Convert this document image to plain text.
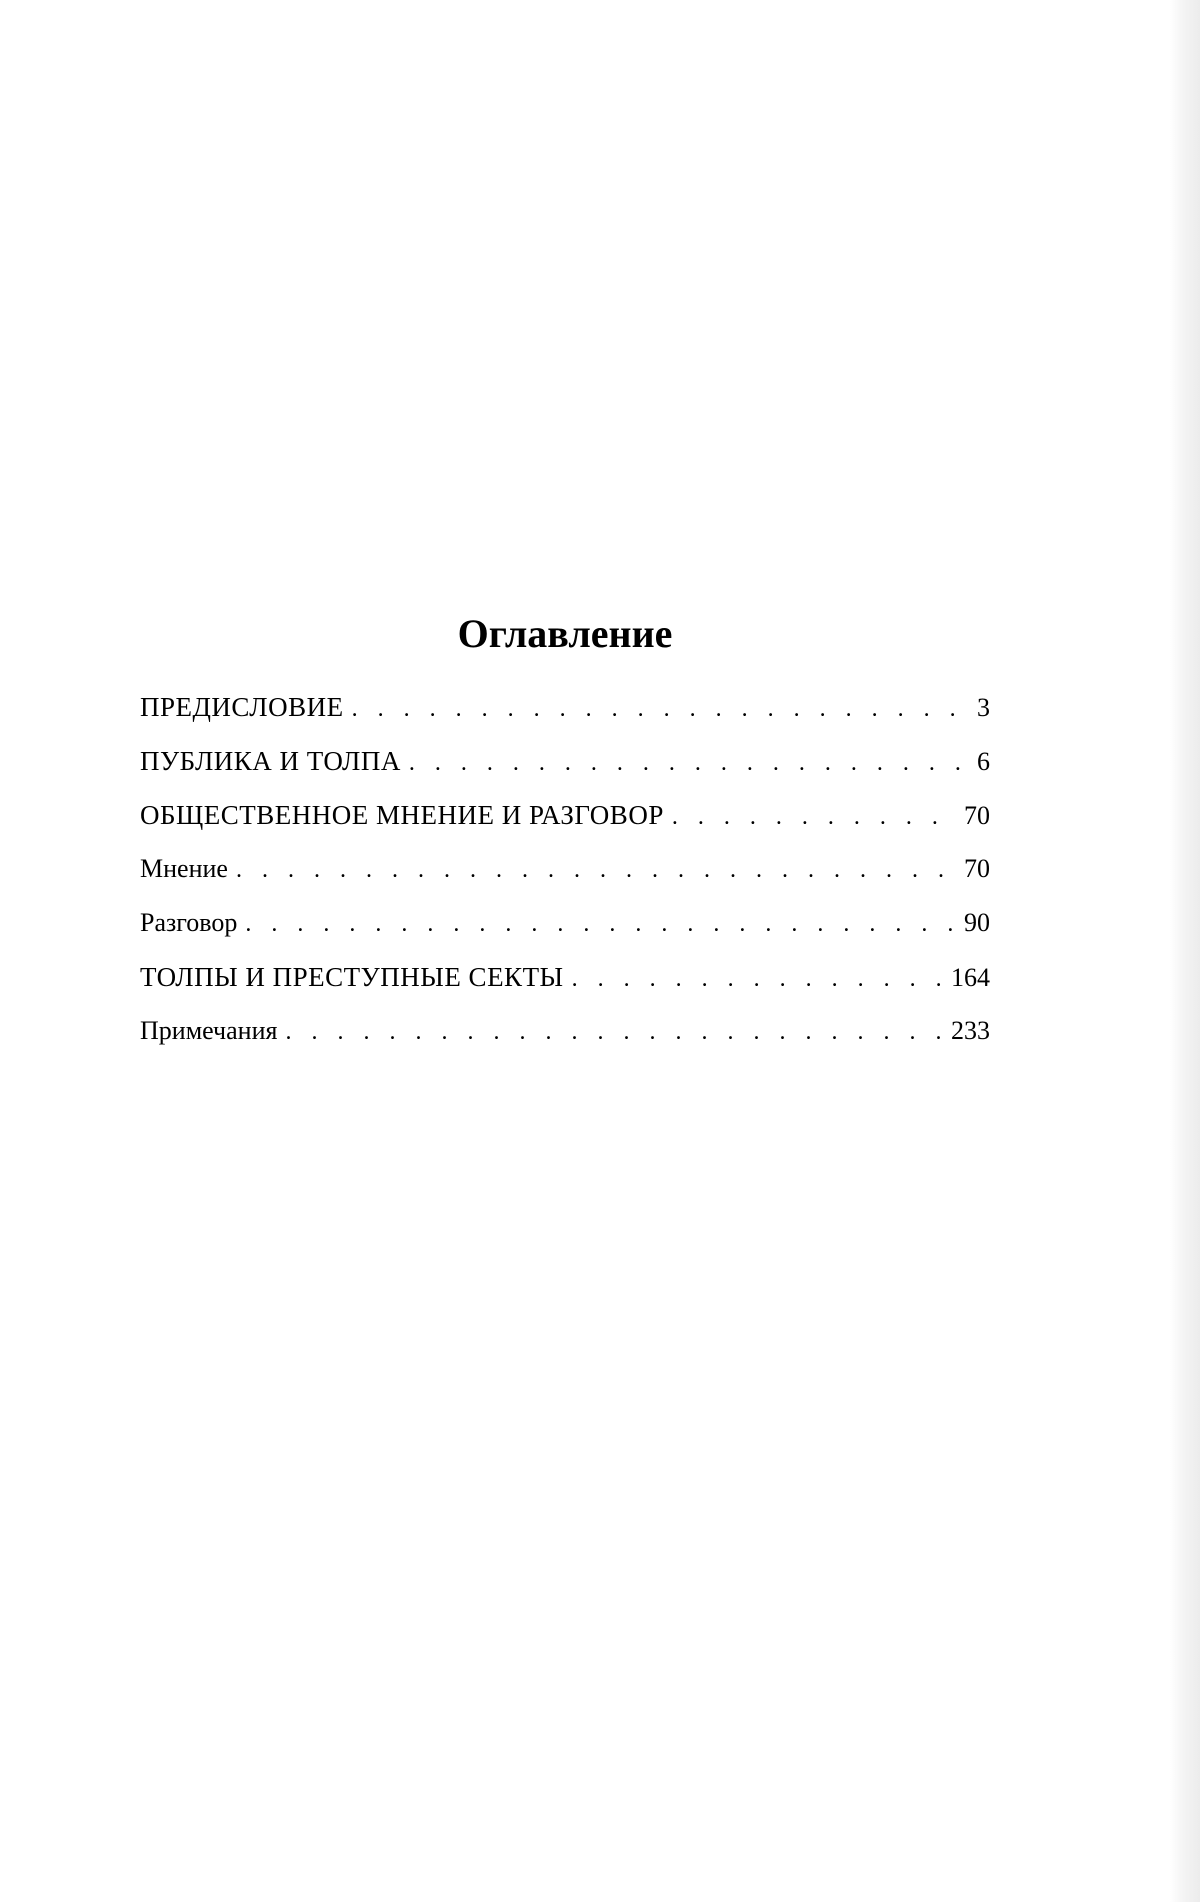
Оглавление
ПРЕДИСЛОВИЕ . . .	3
ПУБЛИКА И ТОЛПА . . .	6
ОБЩЕСТВЕННОЕ МНЕНИЕ И РАЗГОВОР . . .	70
Мнение . . .	70
Разговор . . .	90
ТОЛПЫ И ПРЕСТУПНЫЕ СЕКТЫ . . .	164
Примечания . . .	233
